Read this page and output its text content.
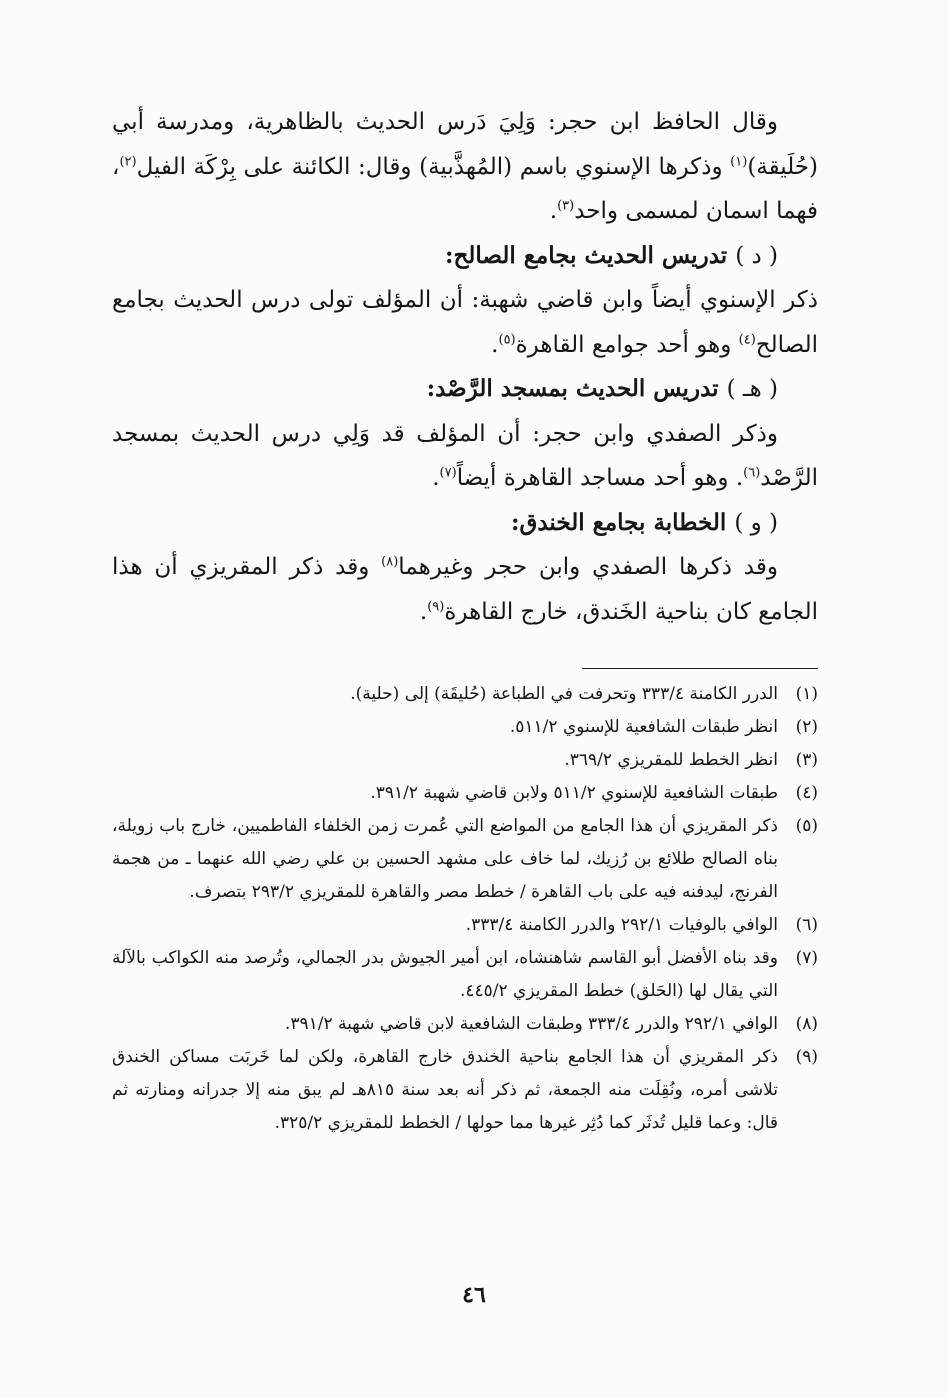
وقال الحافظ ابن حجر: وَلِيَ دَرس الحديث بالظاهرية، ومدرسة أبي (حُلَيقة)$^{(١)}$ وذكرها الإسنوي باسم (المُهذَّبية) وقال: الكائنة على بِرْكَة الفيل$^{(٢)}$، فهما اسمان لمسمى واحد$^{(٣)}$.

( د ) تدريس الحديث بجامع الصالح:

ذكر الإسنوي أيضاً وابن قاضي شهبة: أن المؤلف تولى درس الحديث بجامع الصالح$^{(٤)}$ وهو أحد جوامع القاهرة$^{(٥)}$.

( هـ ) تدريس الحديث بمسجد الرَّصْد:

وذكر الصفدي وابن حجر: أن المؤلف قد وَلِي درس الحديث بمسجد الرَّصْد$^{(٦)}$. وهو أحد مساجد القاهرة أيضاً$^{(٧)}$.

( و ) الخطابة بجامع الخندق:

وقد ذكرها الصفدي وابن حجر وغيرهما$^{(٨)}$ وقد ذكر المقريزي أن هذا الجامع كان بناحية الخَندق، خارج القاهرة$^{(٩)}$.

(١)
الدرر الكامنة ٣٣٣/٤ وتحرفت في الطباعة (حُليقَة) إلى (حلية).
(٢)
انظر طبقات الشافعية للإسنوي ٥١١/٢.
(٣)
انظر الخطط للمقريزي ٣٦٩/٢.
(٤)
طبقات الشافعية للإسنوي ٥١١/٢ ولابن قاضي شهبة ٣٩١/٢.
(٥)
ذكر المقريزي أن هذا الجامع من المواضع التي عُمرت زمن الخلفاء الفاطميين، خارج باب زويلة، بناه الصالح طلائع بن رُزيك، لما خاف على مشهد الحسين بن علي رضي الله عنهما ـ من هجمة الفرنج، ليدفنه فيه على باب القاهرة / خطط مصر والقاهرة للمقريزي ٢٩٣/٢ بتصرف.
(٦)
الوافي بالوفيات ٢٩٢/١ والدرر الكامنة ٣٣٣/٤.
(٧)
وقد بناه الأفضل أبو القاسم شاهنشاه، ابن أمير الجيوش بدر الجمالي، وتُرصد منه الكواكب بالآلة التي يقال لها (الحَلق) خطط المقريزي ٤٤٥/٢.
(٨)
الوافي ٢٩٢/١ والدرر ٣٣٣/٤ وطبقات الشافعية لابن قاضي شهبة ٣٩١/٢.
(٩)
ذكر المقريزي أن هذا الجامع بناحية الخندق خارج القاهرة، ولكن لما خَربَت مساكن الخندق تلاشى أمره، ونُقِلَت منه الجمعة، ثم ذكر أنه بعد سنة ٨١٥هـ لم يبق منه إلا جدرانه ومنارته ثم قال: وعما قليل تُدثَر كما دُثِر غيرها مما حولها / الخطط للمقريزي ٣٢٥/٢.
٤٦
